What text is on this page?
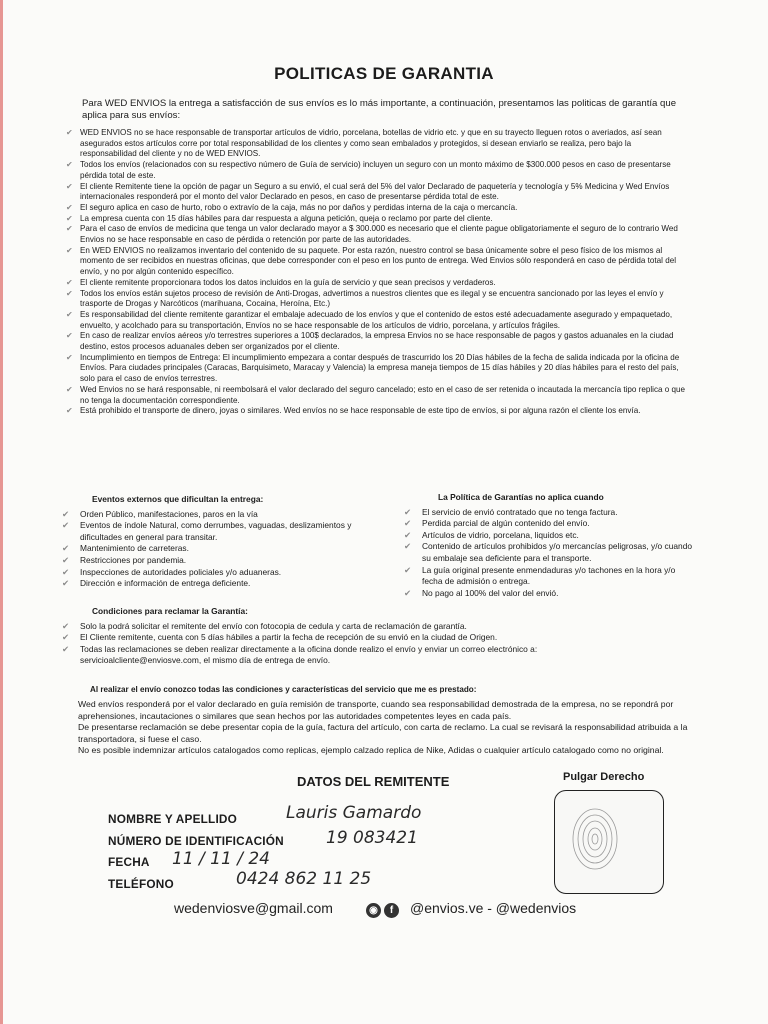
POLITICAS DE GARANTIA
Para WED ENVIOS la entrega a satisfacción de sus envíos es lo más importante, a continuación, presentamos las politicas de garantía que aplica para sus envíos:
✔ WED ENVIOS no se hace responsable de transportar artículos de vidrio, porcelana, botellas de vidrio etc. y que en su trayecto lleguen rotos o averiados, así sean asegurados estos artículos corre por total responsabilidad de los clientes y como sean embalados y protegidos, si desean enviarlo se realiza, pero bajo la responsabilidad del cliente y no de WED ENVIOS.
✔ Todos los envíos (relacionados con su respectivo número de Guía de servicio) incluyen un seguro con un monto máximo de $300.000 pesos en caso de presentarse pérdida total de este.
✔ El cliente Remitente tiene la opción de pagar un Seguro a su envió, el cual será del 5% del valor Declarado de paquetería y tecnología y 5% Medicina y Wed Envíos internacionales responderá por el monto del valor Declarado en pesos, en caso de presentarse pérdida total de este.
✔ El seguro aplica en caso de hurto, robo o extravío de la caja, más no por daños y perdidas interna de la caja o mercancía.
✔ La empresa cuenta con 15 días hábiles para dar respuesta a alguna petición, queja o reclamo por parte del cliente.
✔ Para el caso de envíos de medicina que tenga un valor declarado mayor a $ 300.000 es necesario que el cliente pague obligatoriamente el seguro de lo contrario Wed Envios no se hace responsable en caso de pérdida o retención por parte de las autoridades.
✔ En WED ENVIOS no realizamos inventario del contenido de su paquete. Por esta razón, nuestro control se basa únicamente sobre el peso físico de los mismos al momento de ser recibidos en nuestras oficinas, que debe corresponder con el peso en los punto de entrega. Wed Envios sólo responderá en caso de pérdida total del envío, y no por algún contenido específico.
✔ El cliente remitente proporcionara todos los datos incluidos en la guía de servicio y que sean precisos y verdaderos.
✔ Todos los envíos están sujetos proceso de revisión de Anti-Drogas, advertimos a nuestros clientes que es ilegal y se encuentra sancionado por las leyes el envío y trasporte de Drogas y Narcóticos (marihuana, Cocaina, Heroína, Etc.)
✔ Es responsabilidad del cliente remitente garantizar el embalaje adecuado de los envíos y que el contenido de estos esté adecuadamente asegurado y empaquetado, envuelto, y acolchado para su transportación, Envíos no se hace responsable de los artículos de vidrio, porcelana, y artículos frágiles.
✔ En caso de realizar envíos aéreos y/o terrestres superiores a 100$ declarados, la empresa Envios no se hace responsable de pagos y gastos aduanales en la ciudad destino, estos procesos aduanales deben ser organizados por el cliente.
✔ Incumplimiento en tiempos de Entrega: El incumplimiento empezara a contar después de trascurrido los 20 Días hábiles de la fecha de salida indicada por la oficina de Envíos. Para ciudades principales (Caracas, Barquisimeto, Maracay y Valencia) la empresa maneja tiempos de 15 días hábiles y 20 días hábiles para el resto del país, solo para el caso de envíos terrestres.
✔ Wed Envios no se hará responsable, ni reembolsará el valor declarado del seguro cancelado; esto en el caso de ser retenida o incautada la mercancía tipo replica o que no tenga la documentación correspondiente.
✔ Está prohibido el transporte de dinero, joyas o similares. Wed envíos no se hace responsable de este tipo de envíos, si por alguna razón el cliente los envía.
Eventos externos que dificultan la entrega:
✔ Orden Público, manifestaciones, paros en la vía
✔ Eventos de índole Natural, como derrumbes, vaguadas, deslizamientos y dificultades en general para transitar.
✔ Mantenimiento de carreteras.
✔ Restricciones por pandemia.
✔ Inspecciones de autoridades policiales y/o aduaneras.
✔ Dirección e información de entrega deficiente.
La Política de Garantías no aplica cuando
✔ El servicio de envió contratado que no tenga factura.
✔ Perdida parcial de algún contenido del envío.
✔ Artículos de vidrio, porcelana, liquidos etc.
✔ Contenido de artículos prohibidos y/o mercancías peligrosas, y/o cuando su embalaje sea deficiente para el transporte.
✔ La guía original presente enmendaduras y/o tachones en la hora y/o fecha de admisión o entrega.
✔ No pago al 100% del valor del envió.
Condiciones para reclamar la Garantía:
✔ Solo la podrá solicitar el remitente del envío con fotocopia de cedula y carta de reclamación de garantía.
✔ El Cliente remitente, cuenta con 5 días hábiles a partir la fecha de recepción de su envió en la ciudad de Origen.
✔ Todas las reclamaciones se deben realizar directamente a la oficina donde realizo el envío y enviar un correo electrónico a: servicioalcliente@enviosve.com, el mismo día de entrega de envío.
Al realizar el envío conozco todas las condiciones y características del servicio que me es prestado:
Wed envíos responderá por el valor declarado en guía remisión de transporte, cuando sea responsabilidad demostrada de la empresa, no se repondrá por aprehensiones, incautaciones o similares que sean hechos por las autoridades competentes leyes en cada país.
De presentarse reclamación se debe presentar copia de la guía, factura del artículo, con carta de reclamo. La cual se revisará la responsabilidad atribuida a la transportadora, si fuese el caso.
No es posible indemnizar artículos catalogados como replicas, ejemplo calzado replica de Nike, Adidas o cualquier artículo catalogado como no original.
DATOS DEL REMITENTE	Pulgar Derecho
NOMBRE Y APELLIDO	Lauris Gamardo
NÚMERO DE IDENTIFICACIÓN 19 083421
FECHA 11 / 11 / 24
TELÉFONO	0424 862 11 25
wedenviosve@gmail.com	◉ f	@envios.ve - @wedenvios
